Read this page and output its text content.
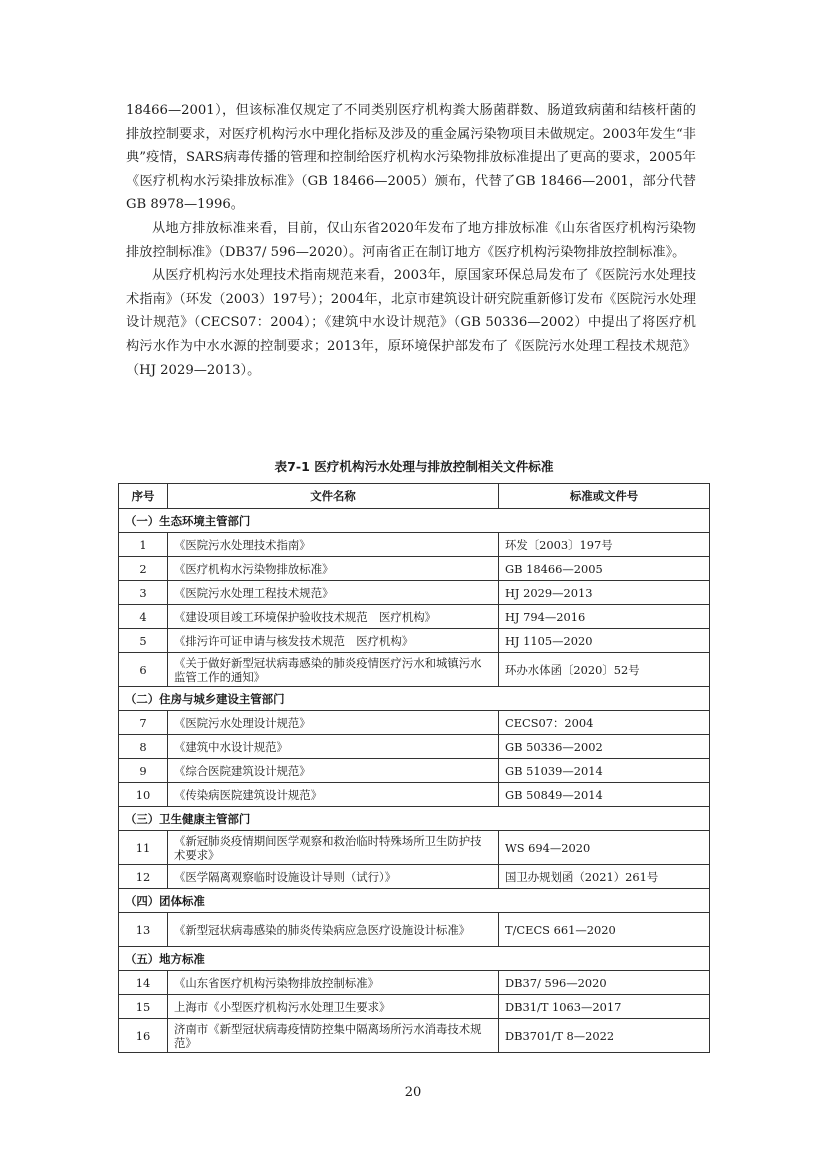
18466—2001），但该标准仅规定了不同类别医疗机构粪大肠菌群数、肠道致病菌和结核杆菌的排放控制要求，对医疗机构污水中理化指标及涉及的重金属污染物项目未做规定。2003年发生“非典”疫情，SARS病毒传播的管理和控制给医疗机构水污染物排放标准提出了更高的要求，2005年《医疗机构水污染排放标准》（GB 18466—2005）颁布，代替了GB 18466—2001，部分代替GB 8978—1996。

从地方排放标准来看，目前，仅山东省2020年发布了地方排放标准《山东省医疗机构污染物排放控制标准》（DB37/ 596—2020）。河南省正在制订地方《医疗机构污染物排放控制标准》。

从医疗机构污水处理技术指南规范来看，2003年，原国家环保总局发布了《医院污水处理技术指南》（环发（2003）197号）；2004年，北京市建筑设计研究院重新修订发布《医院污水处理设计规范》（CECS07：2004）；《建筑中水设计规范》（GB 50336—2002）中提出了将医疗机构污水作为中水水源的控制要求；2013年，原环境保护部发布了《医院污水处理工程技术规范》（HJ 2029—2013）。

表7-1 医疗机构污水处理与排放控制相关文件标准
序号	文件名称	标准或文件号
（一）生态环境主管部门		
1	《医院污水处理技术指南》	环发〔2003〕197号
2	《医疗机构水污染物排放标准》	GB 18466—2005
3	《医院污水处理工程技术规范》	HJ 2029—2013
4	《建设项目竣工环境保护验收技术规范　医疗机构》	HJ 794—2016
5	《排污许可证申请与核发技术规范　医疗机构》	HJ 1105—2020
6	《关于做好新型冠状病毒感染的肺炎疫情医疗污水和城镇污水监管工作的通知》	环办水体函〔2020〕52号
（二）住房与城乡建设主管部门		
7	《医院污水处理设计规范》	CECS07：2004
8	《建筑中水设计规范》	GB 50336—2002
9	《综合医院建筑设计规范》	GB 51039—2014
10	《传染病医院建筑设计规范》	GB 50849—2014
（三）卫生健康主管部门		
11	《新冠肺炎疫情期间医学观察和救治临时特殊场所卫生防护技术要求》	WS 694—2020
12	《医学隔离观察临时设施设计导则（试行）》	国卫办规划函（2021）261号
（四）团体标准		
13	《新型冠状病毒感染的肺炎传染病应急医疗设施设计标准》	T/CECS 661—2020
（五）地方标准		
14	《山东省医疗机构污染物排放控制标准》	DB37/ 596—2020
15	上海市《小型医疗机构污水处理卫生要求》	DB31/T 1063—2017
16	济南市《新型冠状病毒疫情防控集中隔离场所污水消毒技术规范》	DB3701/T 8—2022
20
